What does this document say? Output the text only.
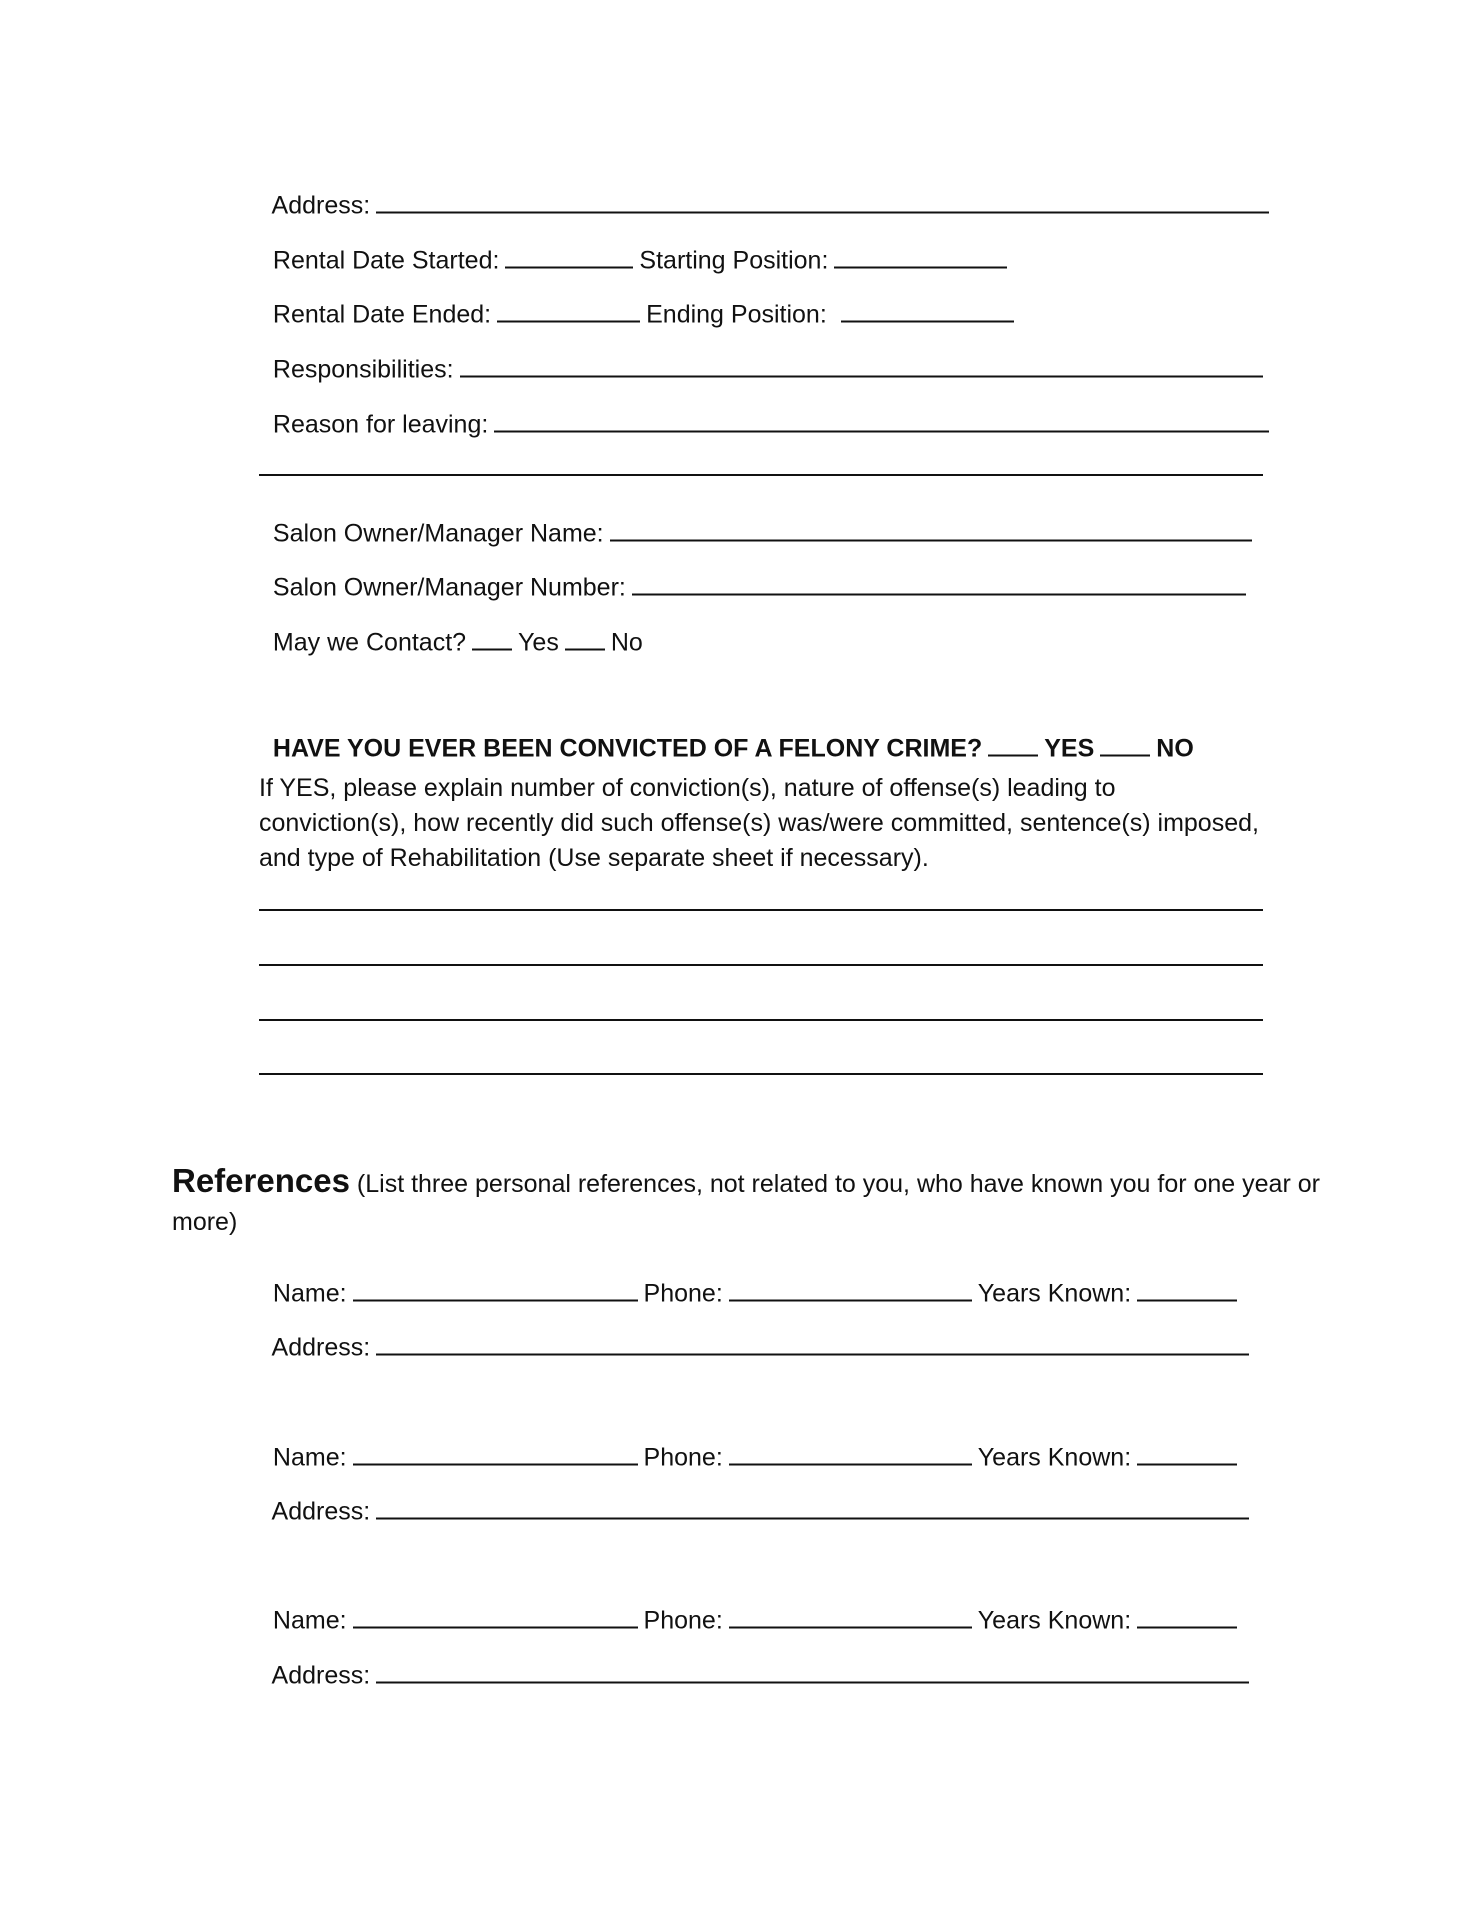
Address:

Rental Date Started:	Starting Position:

Rental Date Ended:	Ending Position:

Responsibilities:

Reason for leaving:

Salon Owner/Manager Name:

Salon Owner/Manager Number:

May we Contact? Yes No

HAVE YOU EVER BEEN CONVICTED OF A FELONY CRIME? YES NO

If YES, please explain number of conviction(s), nature of offense(s) leading to conviction(s), how recently did such offense(s) was/were committed, sentence(s) imposed, and type of Rehabilitation (Use separate sheet if necessary).
References (List three personal references, not related to you, who have known you for one year or more)

Name:	Phone:	Years Known:

Address:

Name:	Phone:	Years Known:

Address:

Name:	Phone:	Years Known:

Address:
